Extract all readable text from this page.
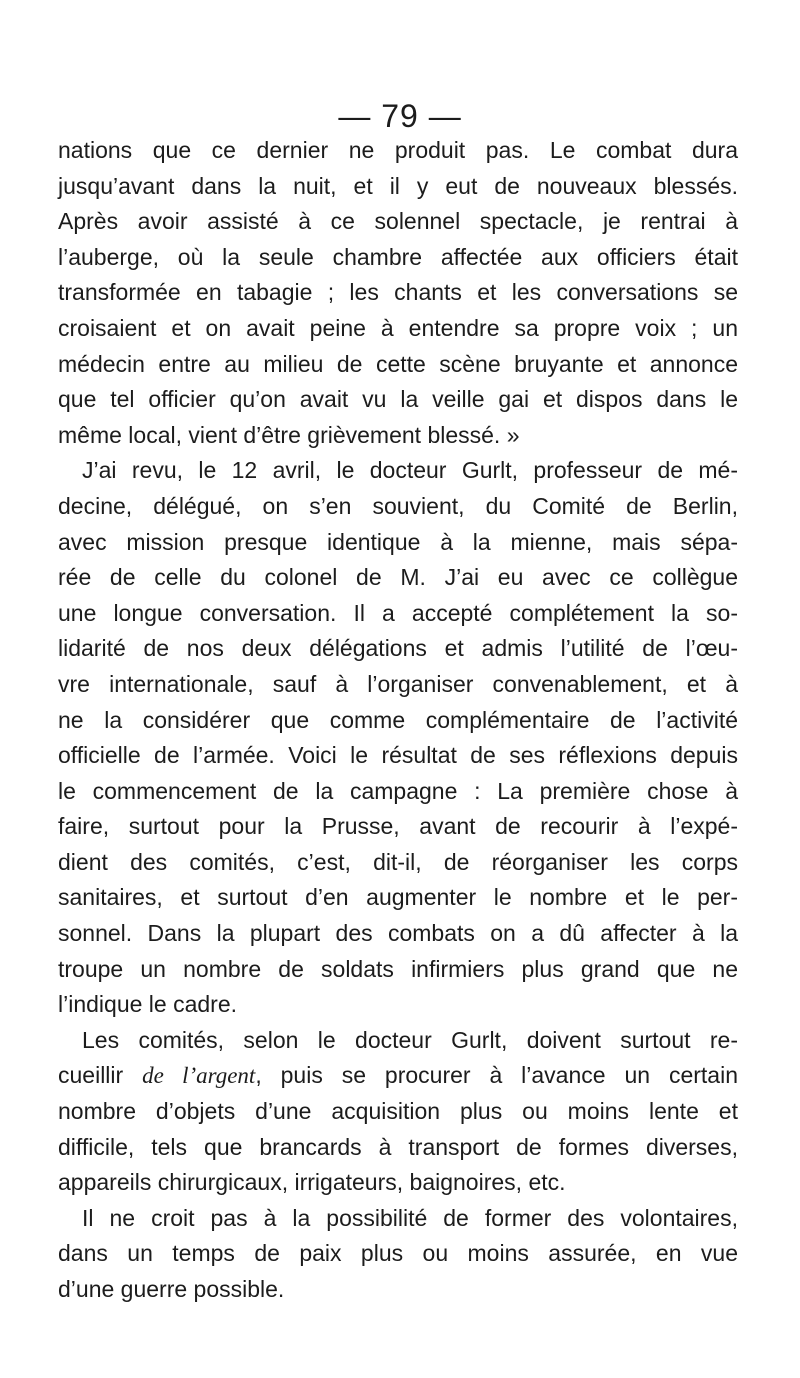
— 79 —
nations que ce dernier ne produit pas. Le combat dura
jusqu’avant dans la nuit, et il y eut de nouveaux blessés.
Après avoir assisté à ce solennel spectacle, je rentrai à
l’auberge, où la seule chambre affectée aux officiers était
transformée en tabagie ; les chants et les conversations se
croisaient et on avait peine à entendre sa propre voix ; un
médecin entre au milieu de cette scène bruyante et annonce
que tel officier qu’on avait vu la veille gai et dispos dans le
même local, vient d’être grièvement blessé. »
J’ai revu, le 12 avril, le docteur Gurlt, professeur de mé-
decine, délégué, on s’en souvient, du Comité de Berlin,
avec mission presque identique à la mienne, mais sépa-
rée de celle du colonel de M. J’ai eu avec ce collègue
une longue conversation. Il a accepté complétement la so-
lidarité de nos deux délégations et admis l’utilité de l’œu-
vre internationale, sauf à l’organiser convenablement, et à
ne la considérer que comme complémentaire de l’activité
officielle de l’armée. Voici le résultat de ses réflexions depuis
le commencement de la campagne : La première chose à
faire, surtout pour la Prusse, avant de recourir à l’expé-
dient des comités, c’est, dit-il, de réorganiser les corps
sanitaires, et surtout d’en augmenter le nombre et le per-
sonnel. Dans la plupart des combats on a dû affecter à la
troupe un nombre de soldats infirmiers plus grand que ne
l’indique le cadre.
Les comités, selon le docteur Gurlt, doivent surtout re-
cueillir de l’argent, puis se procurer à l’avance un certain
nombre d’objets d’une acquisition plus ou moins lente et
difficile, tels que brancards à transport de formes diverses,
appareils chirurgicaux, irrigateurs, baignoires, etc.
Il ne croit pas à la possibilité de former des volontaires,
dans un temps de paix plus ou moins assurée, en vue
d’une guerre possible.
